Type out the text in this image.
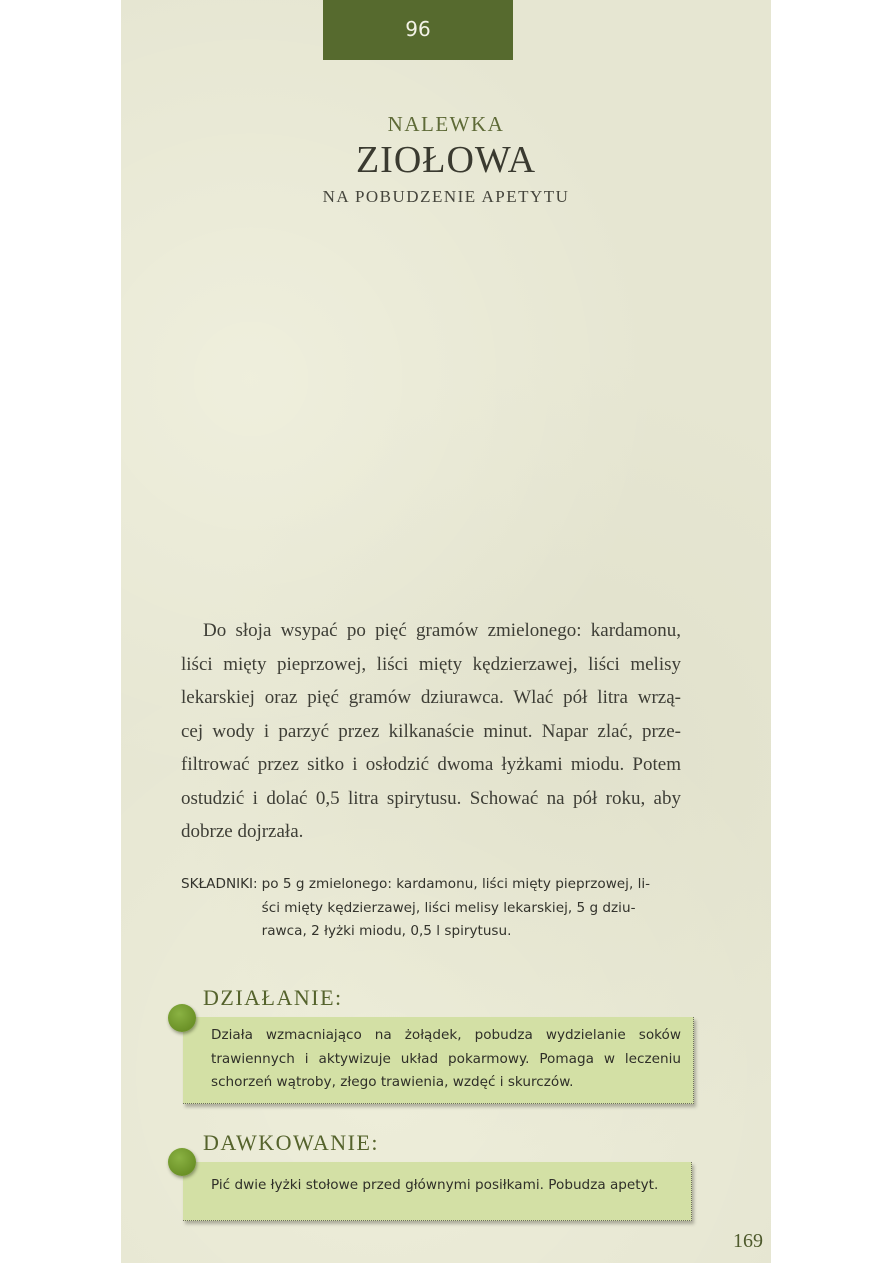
96
NALEWKA
ZIOŁOWA
NA POBUDZENIE APETYTU
Do słoja wsypać po pięć gramów zmielonego: kardamonu,
liści mięty pieprzowej, liści mięty kędzierzawej, liści melisy
lekarskiej oraz pięć gramów dziurawca. Wlać pół litra wrzą-
cej wody i parzyć przez kilkanaście minut. Napar zlać, prze-
filtrować przez sitko i osłodzić dwoma łyżkami miodu. Potem
ostudzić i dolać 0,5 litra spirytusu. Schować na pół roku, aby
dobrze dojrzała.
SKŁADNIKI: po 5 g zmielonego: kardamonu, liści mięty pieprzowej, li-
ści mięty kędzierzawej, liści melisy lekarskiej, 5 g dziu-
rawca, 2 łyżki miodu, 0,5 l spirytusu.
DZIAŁANIE:
Działa wzmacniająco na żołądek, pobudza wydzielanie soków
trawiennych i aktywizuje układ pokarmowy. Pomaga w leczeniu
schorzeń wątroby, złego trawienia, wzdęć i skurczów.
DAWKOWANIE:
Pić dwie łyżki stołowe przed głównymi posiłkami. Pobudza apetyt.
169
